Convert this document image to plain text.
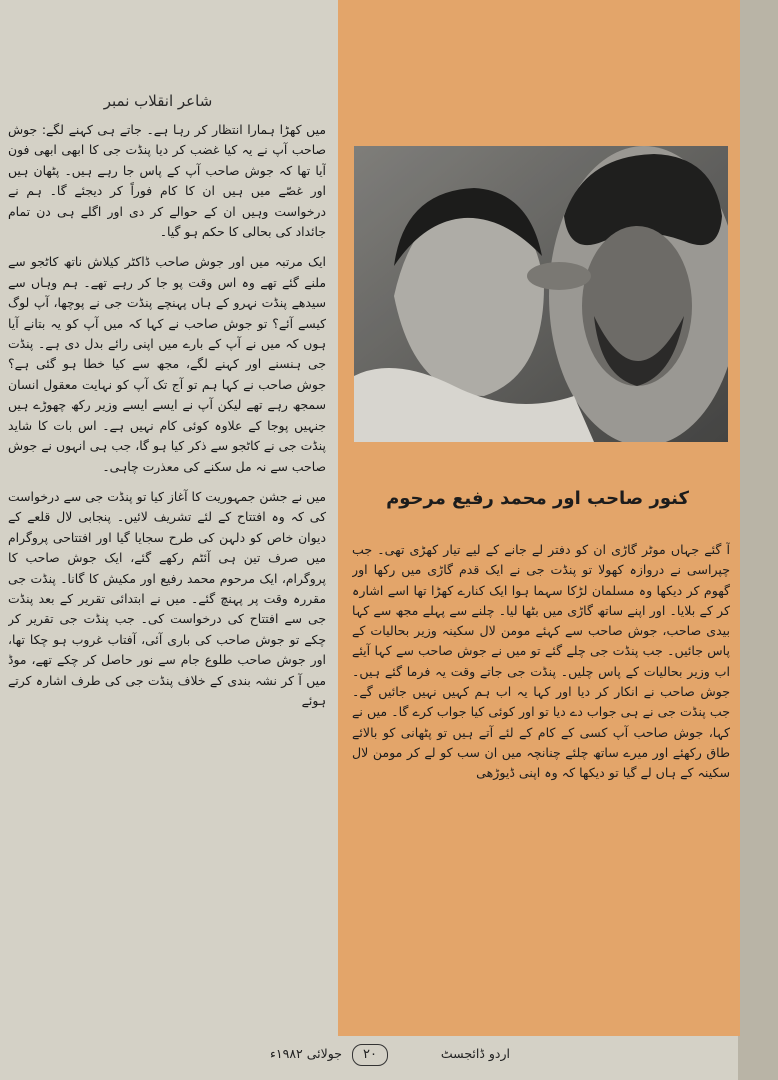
شاعر انقلاب نمبر

میں کھڑا ہمارا انتظار کر رہا ہے۔ جاتے ہی کہنے لگے: جوش صاحب آپ نے یہ کیا غضب کر دیا پنڈت جی کا ابھی ابھی فون آیا تھا کہ جوش صاحب آپ کے پاس جا رہے ہیں۔ پٹھان ہیں اور غصّے میں ہیں ان کا کام فوراً کر دیجئے گا۔ ہم نے درخواست وہیں ان کے حوالے کر دی اور اگلے ہی دن تمام جائداد کی بحالی کا حکم ہو گیا۔

ایک مرتبہ میں اور جوش صاحب ڈاکٹر کیلاش ناتھ کاٹجو سے ملنے گئے تھے وہ اس وقت پو جا کر رہے تھے۔ ہم وہاں سے سیدھے پنڈت نہرو کے ہاں پہنچے پنڈت جی نے پوچھا، آپ لوگ کیسے آئے؟ تو جوش صاحب نے کہا کہ میں آپ کو یہ بتانے آیا ہوں کہ میں نے آپ کے بارے میں اپنی رائے بدل دی ہے۔ پنڈت جی ہنسنے اور کہنے لگے، مجھ سے کیا خطا ہو گئی ہے؟ جوش صاحب نے کہا ہم تو آج تک آپ کو نہایت معقول انسان سمجھ رہے تھے لیکن آپ نے ایسے ایسے وزیر رکھ چھوڑے ہیں جنہیں پوجا کے علاوہ کوئی کام نہیں ہے۔ اس بات کا شاید پنڈت جی نے کاٹجو سے ذکر کیا ہو گا، جب ہی انہوں نے جوش صاحب سے نہ مل سکنے کی معذرت چاہی۔

میں نے جشن جمہوریت کا آغاز کیا تو پنڈت جی سے درخواست کی کہ وہ افتتاح کے لئے تشریف لائیں۔ پنجابی لال قلعے کے دیوان خاص کو دلہن کی طرح سجایا گیا اور افتتاحی پروگرام میں صرف تین ہی آئٹم رکھے گئے، ایک جوش صاحب کا پروگرام، ایک مرحوم محمد رفیع اور مکیش کا گانا۔ پنڈت جی مقررہ وقت پر پہنچ گئے۔ میں نے ابتدائی تقریر کے بعد پنڈت جی سے افتتاح کی درخواست کی۔ جب پنڈت جی تقریر کر چکے تو جوش صاحب کی باری آئی، آفتاب غروب ہو چکا تھا، اور جوش صاحب طلوع جام سے نور حاصل کر چکے تھے، موڈ میں آ کر نشہ بندی کے خلاف پنڈت جی کی طرف اشارہ کرتے ہوئے

کنور صاحب اور محمد رفیع مرحوم

آ گئے جہاں موٹر گاڑی ان کو دفتر لے جانے کے لیے تیار کھڑی تھی۔ جب چپراسی نے دروازہ کھولا تو پنڈت جی نے ایک قدم گاڑی میں رکھا اور گھوم کر دیکھا وہ مسلمان لڑکا سہما ہوا ایک کنارے کھڑا تھا اسے اشارہ کر کے بلایا۔ اور اپنے ساتھ گاڑی میں بٹھا لیا۔ چلنے سے پہلے مجھ سے کہا بیدی صاحب، جوش صاحب سے کہئے مومن لال سکینہ وزیر بحالیات کے پاس جائیں۔ جب پنڈت جی چلے گئے تو میں نے جوش صاحب سے کہا آیئے اب وزیر بحالیات کے پاس چلیں۔ پنڈت جی جاتے وقت یہ فرما گئے ہیں۔ جوش صاحب نے انکار کر دیا اور کہا یہ اب ہم کہیں نہیں جائیں گے۔ جب پنڈت جی نے ہی جواب دے دیا تو اور کوئی کیا جواب کرے گا۔ میں نے کہا، جوش صاحب آپ کسی کے کام کے لئے آتے ہیں تو پٹھانی کو بالائے طاق رکھئے اور میرے ساتھ چلئے چنانچہ میں ان سب کو لے کر مومن لال سکینہ کے ہاں لے گیا تو دیکھا کہ وہ اپنی ڈیوڑھی

اردو ڈائجسٹ
٢٠
جولائی ١٩٨٢ء
